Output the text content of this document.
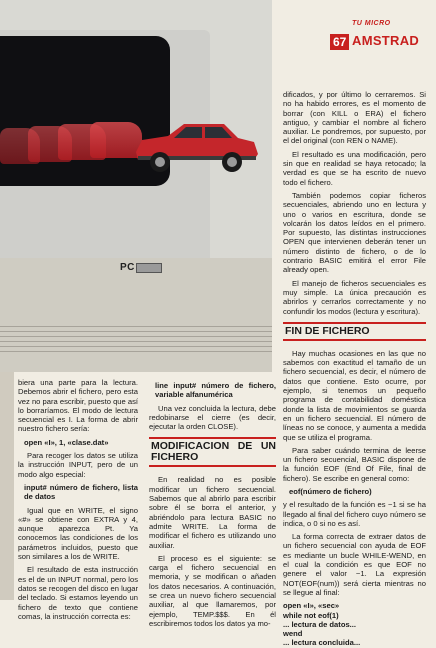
PC
TU MICRO
67 AMSTRAD

dificados, y por último lo cerraremos. Si no ha habido errores, es el momento de borrar (con KILL o ERA) el fichero antiguo, y cambiar el nombre al fichero auxiliar. Le pondremos, por supuesto, por el del original (con REN o NAME).

El resultado es una modificación, pero sin que en realidad se haya retocado; la verdad es que se ha escrito de nuevo todo el fichero.

También podemos copiar ficheros secuenciales, abriendo uno en lectura y uno o varios en escritura, donde se volcarán los datos leídos en el primero. Por supuesto, las distintas instrucciones OPEN que intervienen deberán tener un número distinto de fichero, o de lo contrario BASIC emitirá el error File already open.

El manejo de ficheros secuenciales es muy simple. La única precaución es abrirlos y cerrarlos correctamente y no confundir los modos (lectura y escritura).

FIN DE FICHERO

Hay muchas ocasiones en las que no sabemos con exactitud el tamaño de un fichero secuencial, es decir, el número de datos que contiene. Esto ocurre, por ejemplo, si tenemos un pequeño programa de contabilidad doméstica donde la lista de movimientos se guarda en un fichero secuencial. El número de líneas no se conoce, y aumenta a medida que se utiliza el programa.

Para saber cuándo termina de leerse un fichero secuencial, BASIC dispone de la función EOF (End Of File, final de fichero). Se escribe en general como:

eof(número de fichero)

y el resultado de la función es −1 si se ha llegado al final del fichero cuyo número se indica, o 0 si no es así.

La forma correcta de extraer datos de un fichero secuencial con ayuda de EOF es mediante un bucle WHILE-WEND, en el cual la condición es que EOF no genere el valor −1. La expresión NOT(EOF(num)) será cierta mientras no se llegue al final:

open «I», «sec»

while not eof(1)

... lectura de datos...

wend

... lectura concluida...

biera una parte para la lectura. Debemos abrir el fichero, pero esta vez no para escribir, puesto que así lo borraríamos. El modo de lectura secuencial es I. La forma de abrir nuestro fichero sería:

open «I», 1, «clase.dat»

Para recoger los datos se utiliza la instrucción INPUT, pero de un modo algo especial:

input# número de fichero, lista de datos

Igual que en WRITE, el signo «#» se obtiene con EXTRA y 4, aunque aparezca Pt. Ya conocemos las condiciones de los parámetros incluidos, puesto que son similares a los de WRITE.

El resultado de esta instrucción es el de un INPUT normal, pero los datos se recogen del disco en lugar del teclado. Si estamos leyendo un fichero de texto que contiene comas, la instrucción correcta es:

line input# número de fichero, variable alfanumérica

Una vez concluida la lectura, debe redobinarse el cierre (es decir, ejecutar la orden CLOSE).

MODIFICACION DE UN FICHERO

En realidad no es posible modificar un fichero secuencial. Sabemos que al abrirlo para escribir sobre él se borra el anterior, y abriéndolo para lectura BASIC no admite WRITE. La forma de modificar el fichero es utilizando uno auxiliar.

El proceso es el siguiente: se carga el fichero secuencial en memoria, y se modifican o añaden los datos necesarios. A continuación, se crea un nuevo fichero secuencial auxiliar, al que llamaremos, por ejemplo, TEMP.$$$. En él escribiremos todos los datos ya mo-
